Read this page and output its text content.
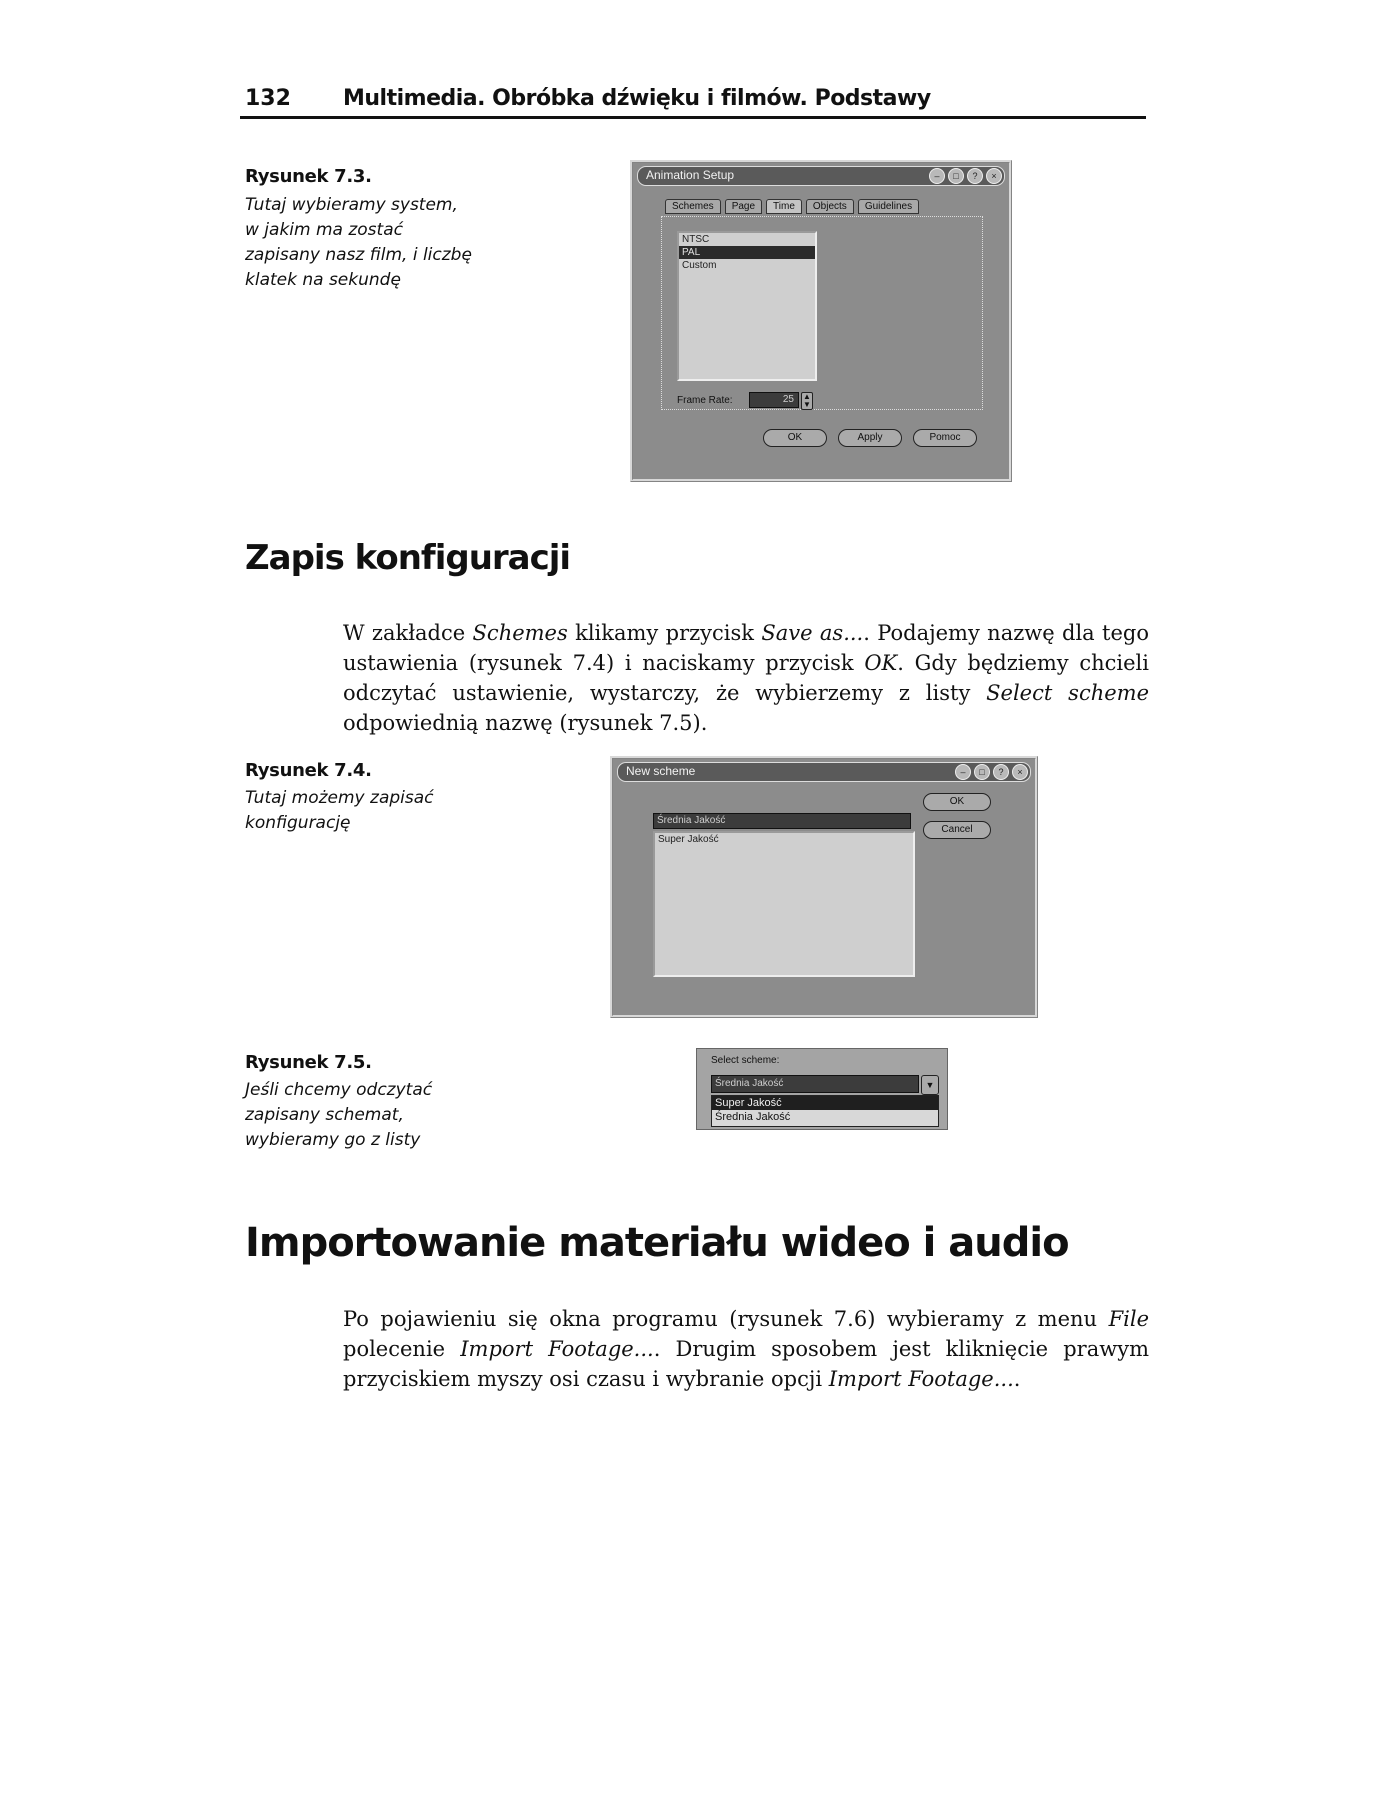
132 Multimedia. Obróbka dźwięku i filmów. Podstawy
Rysunek 7.3.
Tutaj wybieramy system, w jakim ma zostać zapisany nasz film, i liczbę klatek na sekundę
Animation Setup	–	□	?	×
Schemes	Page	Time	Objects	Guidelines
NTSC
PAL
Custom
Frame Rate:	25	▲
▼
OK	Apply	Pomoc
Zapis konfiguracji

W zakładce Schemes klikamy przycisk Save as.... Podajemy nazwę dla tego ustawienia (rysunek 7.4) i naciskamy przycisk OK. Gdy będziemy chcieli odczytać ustawienie, wystarczy, że wybierzemy z listy Select scheme odpowiednią nazwę (rysunek 7.5).

Rysunek 7.4.
Tutaj możemy zapisać konfigurację
New scheme	–	□	?	×
Średnia Jakość
Super Jakość
OK
Cancel
Rysunek 7.5.
Jeśli chcemy odczytać zapisany schemat, wybieramy go z listy
Select scheme:
Średnia Jakość	▼
Super Jakość
Średnia Jakość
Importowanie materiału wideo i audio

Po pojawieniu się okna programu (rysunek 7.6) wybieramy z menu File polecenie Import Footage.... Drugim sposobem jest kliknięcie prawym przyciskiem myszy osi czasu i wybranie opcji Import Footage....
